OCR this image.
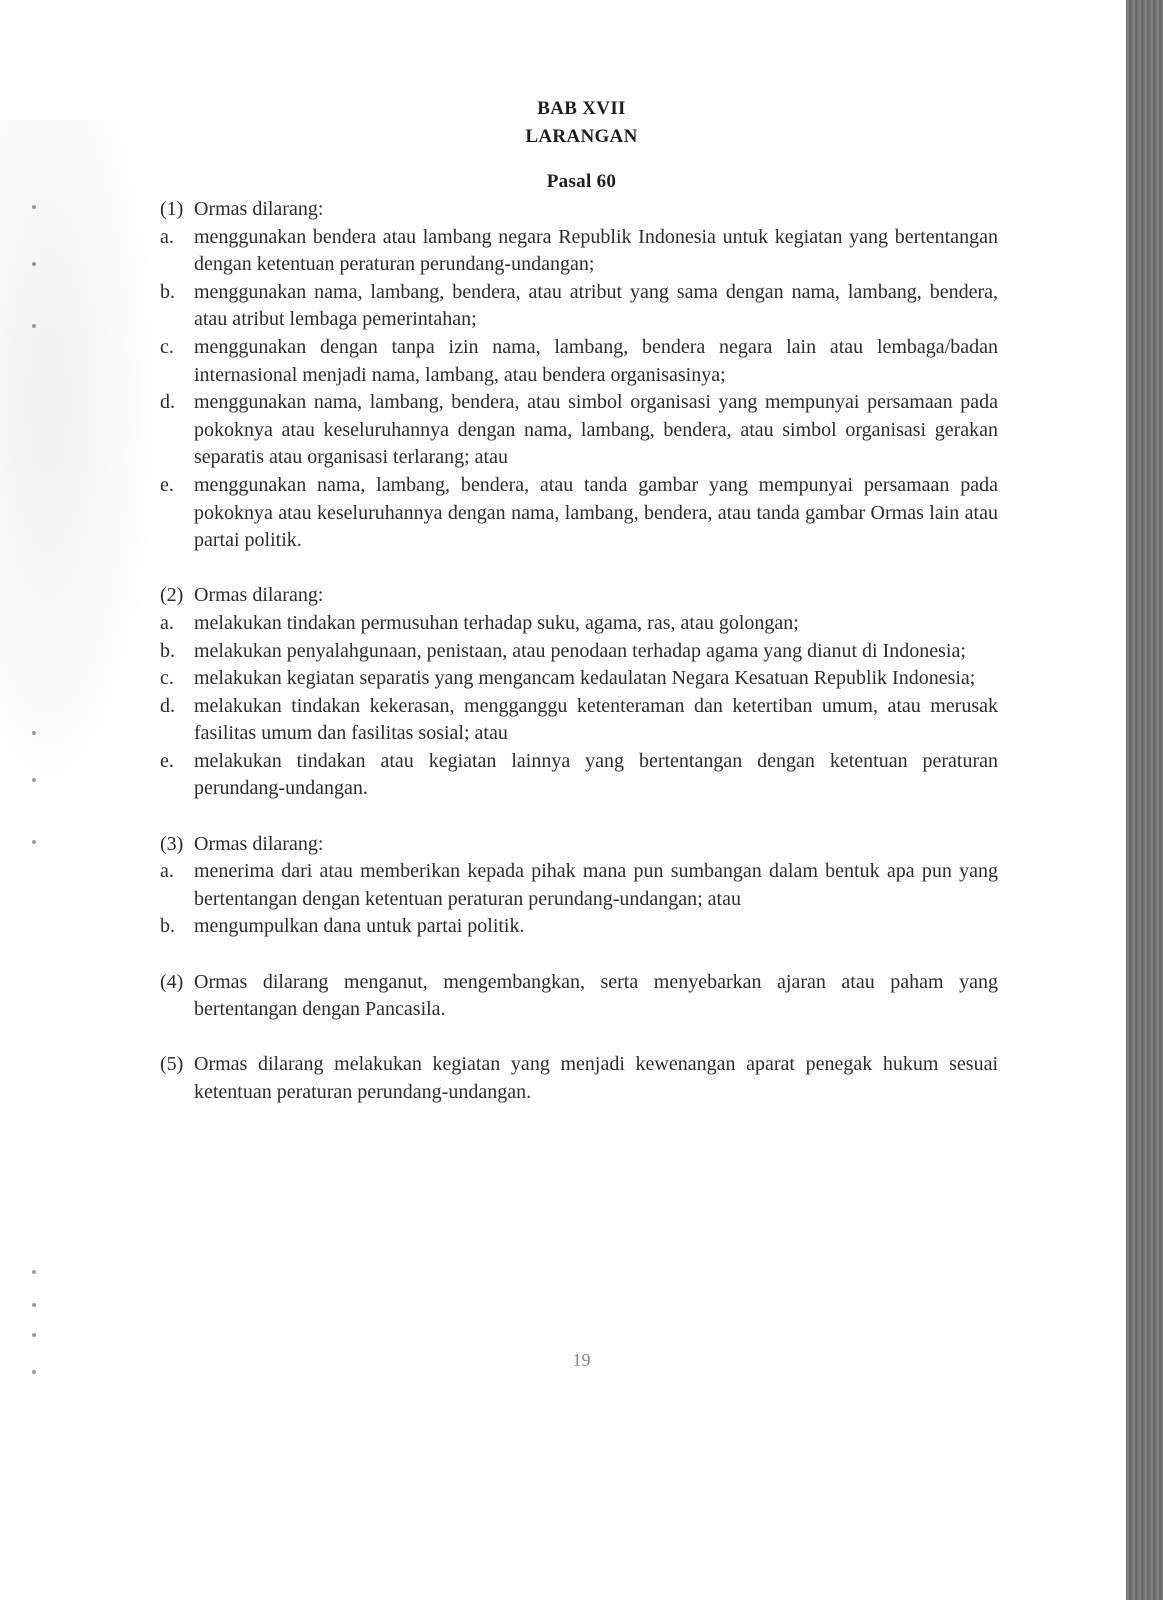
BAB XVII
LARANGAN
Pasal 60
(1) Ormas dilarang:
a. menggunakan bendera atau lambang negara Republik Indonesia untuk kegiatan yang bertentangan dengan ketentuan peraturan perundang-undangan;
b. menggunakan nama, lambang, bendera, atau atribut yang sama dengan nama, lambang, bendera, atau atribut lembaga pemerintahan;
c. menggunakan dengan tanpa izin nama, lambang, bendera negara lain atau lembaga/badan internasional menjadi nama, lambang, atau bendera organisasinya;
d. menggunakan nama, lambang, bendera, atau simbol organisasi yang mempunyai persamaan pada pokoknya atau keseluruhannya dengan nama, lambang, bendera, atau simbol organisasi gerakan separatis atau organisasi terlarang; atau
e. menggunakan nama, lambang, bendera, atau tanda gambar yang mempunyai persamaan pada pokoknya atau keseluruhannya dengan nama, lambang, bendera, atau tanda gambar Ormas lain atau partai politik.
(2) Ormas dilarang:
a. melakukan tindakan permusuhan terhadap suku, agama, ras, atau golongan;
b. melakukan penyalahgunaan, penistaan, atau penodaan terhadap agama yang dianut di Indonesia;
c. melakukan kegiatan separatis yang mengancam kedaulatan Negara Kesatuan Republik Indonesia;
d. melakukan tindakan kekerasan, mengganggu ketenteraman dan ketertiban umum, atau merusak fasilitas umum dan fasilitas sosial; atau
e. melakukan tindakan atau kegiatan lainnya yang bertentangan dengan ketentuan peraturan perundang-undangan.
(3) Ormas dilarang:
a. menerima dari atau memberikan kepada pihak mana pun sumbangan dalam bentuk apa pun yang bertentangan dengan ketentuan peraturan perundang-undangan; atau
b. mengumpulkan dana untuk partai politik.
(4) Ormas dilarang menganut, mengembangkan, serta menyebarkan ajaran atau paham yang bertentangan dengan Pancasila.
(5) Ormas dilarang melakukan kegiatan yang menjadi kewenangan aparat penegak hukum sesuai ketentuan peraturan perundang-undangan.
19
